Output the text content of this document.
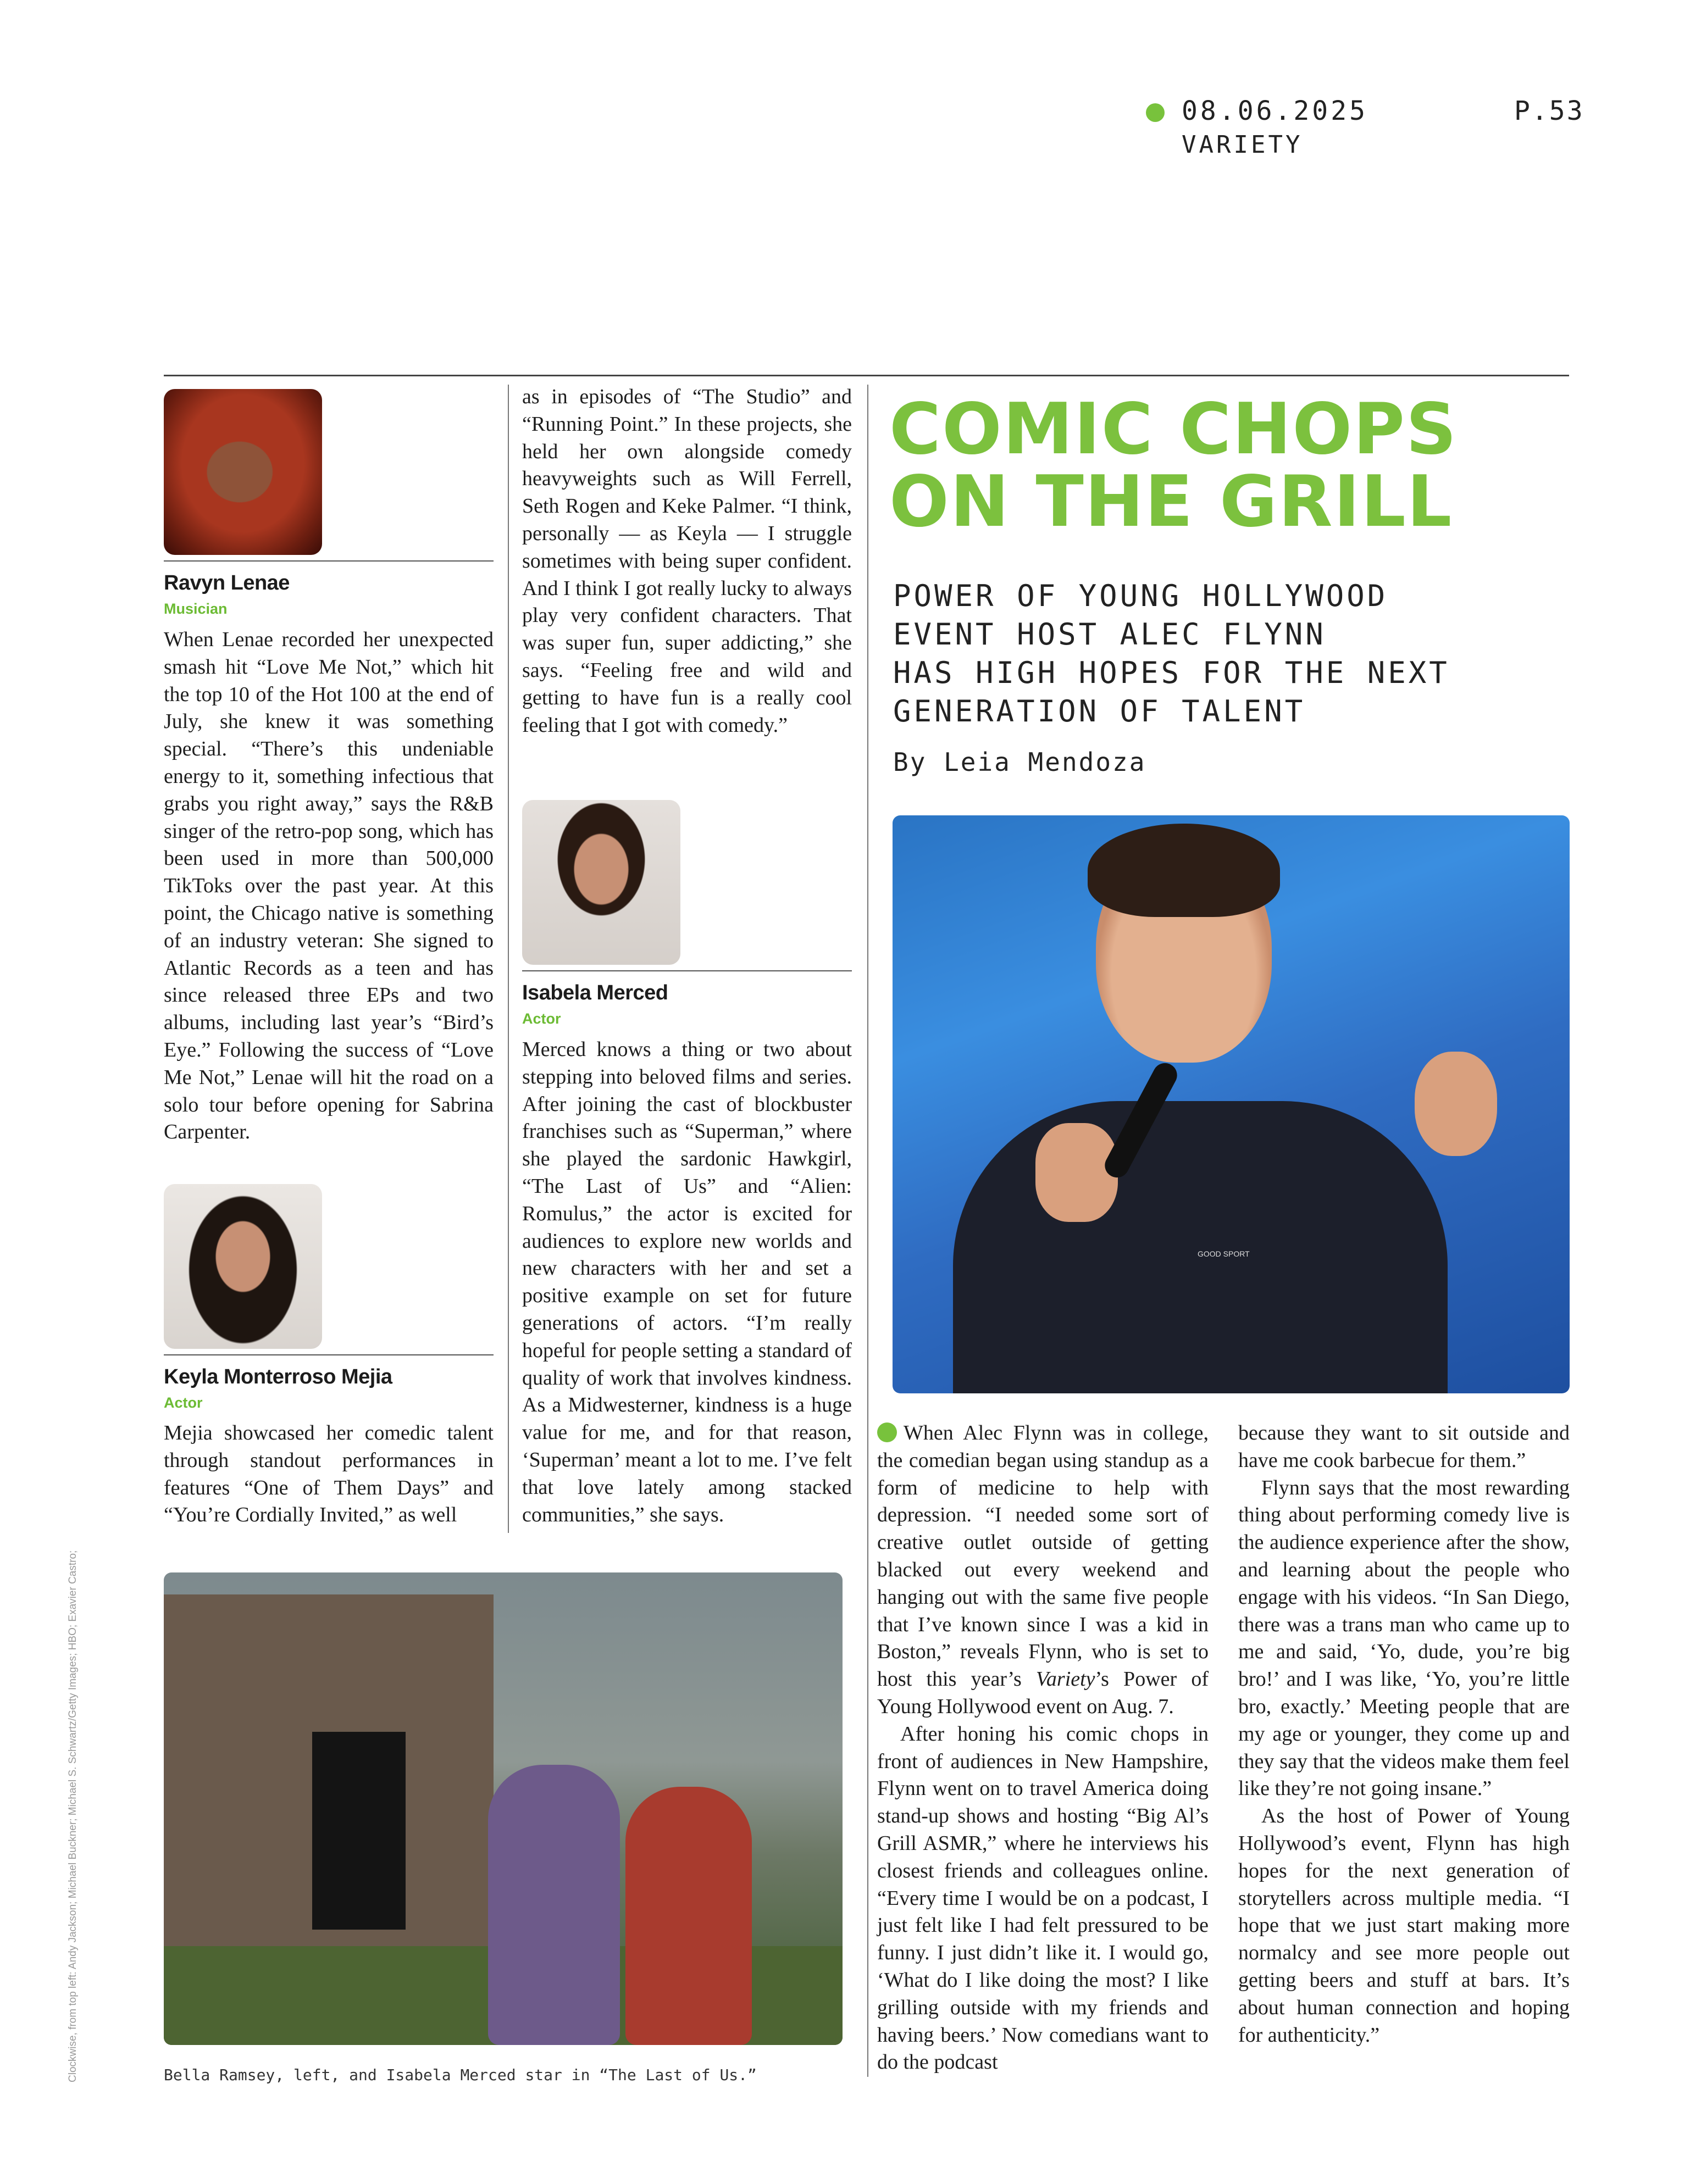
08.06.2025
VARIETY
P.53
Ravyn Lenae
Musician

When Lenae recorded her unexpected smash hit “Love Me Not,” which hit the top 10 of the Hot 100 at the end of July, she knew it was something special. “There’s this undeniable energy to it, something infectious that grabs you right away,” says the R&B singer of the retro-pop song, which has been used in more than 500,000 TikToks over the past year. At this point, the Chicago native is something of an industry veteran: She signed to Atlantic Records as a teen and has since released three EPs and two albums, including last year’s “Bird’s Eye.” Following the success of “Love Me Not,” Lenae will hit the road on a solo tour before opening for Sabrina Carpenter.

Keyla Monterroso Mejia
Actor

Mejia showcased her comedic talent through standout performances in features “One of Them Days” and “You’re Cordially Invited,” as well

as in episodes of “The Studio” and “Running Point.” In these projects, she held her own alongside comedy heavyweights such as Will Ferrell, Seth Rogen and Keke Palmer. “I think, personally — as Keyla — I struggle sometimes with being super confident. And I think I got really lucky to always play very confident characters. That was super fun, super addicting,” she says. “Feeling free and wild and getting to have fun is a really cool feeling that I got with comedy.”

Isabela Merced
Actor

Merced knows a thing or two about stepping into beloved films and series. After joining the cast of blockbuster franchises such as “Superman,” where she played the sardonic Hawkgirl, “The Last of Us” and “Alien: Romulus,” the actor is excited for audiences to explore new worlds and new characters with her and set a positive example on set for future generations of actors. “I’m really hopeful for people setting a standard of quality of work that involves kindness. As a Midwesterner, kindness is a huge value for me, and for that reason, ‘Superman’ meant a lot to me. I’ve felt that love lately among stacked communities,” she says.

COMIC CHOPS
ON THE GRILL
POWER OF YOUNG HOLLYWOOD
EVENT HOST ALEC FLYNN
HAS HIGH HOPES FOR THE NEXT
GENERATION OF TALENT
By Leia Mendoza
GOOD SPORT

When Alec Flynn was in college, the comedian began using standup as a form of medicine to help with depression. “I needed some sort of creative outlet outside of getting blacked out every weekend and hanging out with the same five people that I’ve known since I was a kid in Boston,” reveals Flynn, who is set to host this year’s Variety’s Power of Young Hollywood event on Aug. 7.

After honing his comic chops in front of audiences in New Hampshire, Flynn went on to travel America doing stand-up shows and hosting “Big Al’s Grill ASMR,” where he interviews his closest friends and colleagues online. “Every time I would be on a podcast, I just felt like I had felt pressured to be funny. I just didn’t like it. I would go, ‘What do I like doing the most? I like grilling outside with my friends and having beers.’ Now comedians want to do the podcast

because they want to sit outside and have me cook barbecue for them.”

Flynn says that the most rewarding thing about performing comedy live is the audience experience after the show, and learning about the people who engage with his videos. “In San Diego, there was a trans man who came up to me and said, ‘Yo, dude, you’re big bro!’ and I was like, ‘Yo, you’re little bro, exactly.’ Meeting people that are my age or younger, they come up and they say that the videos make them feel like they’re not going insane.”

As the host of Power of Young Hollywood’s event, Flynn has high hopes for the next generation of storytellers across multiple media. “I hope that we just start making more normalcy and see more people out getting beers and stuff at bars. It’s about human connection and hoping for authenticity.”

Bella Ramsey, left, and Isabela Merced star in “The Last of Us.”
Clockwise, from top left: Andy Jackson; Michael Buckner; Michael S. Schwartz/Getty Images; HBO; Exavier Castro;
